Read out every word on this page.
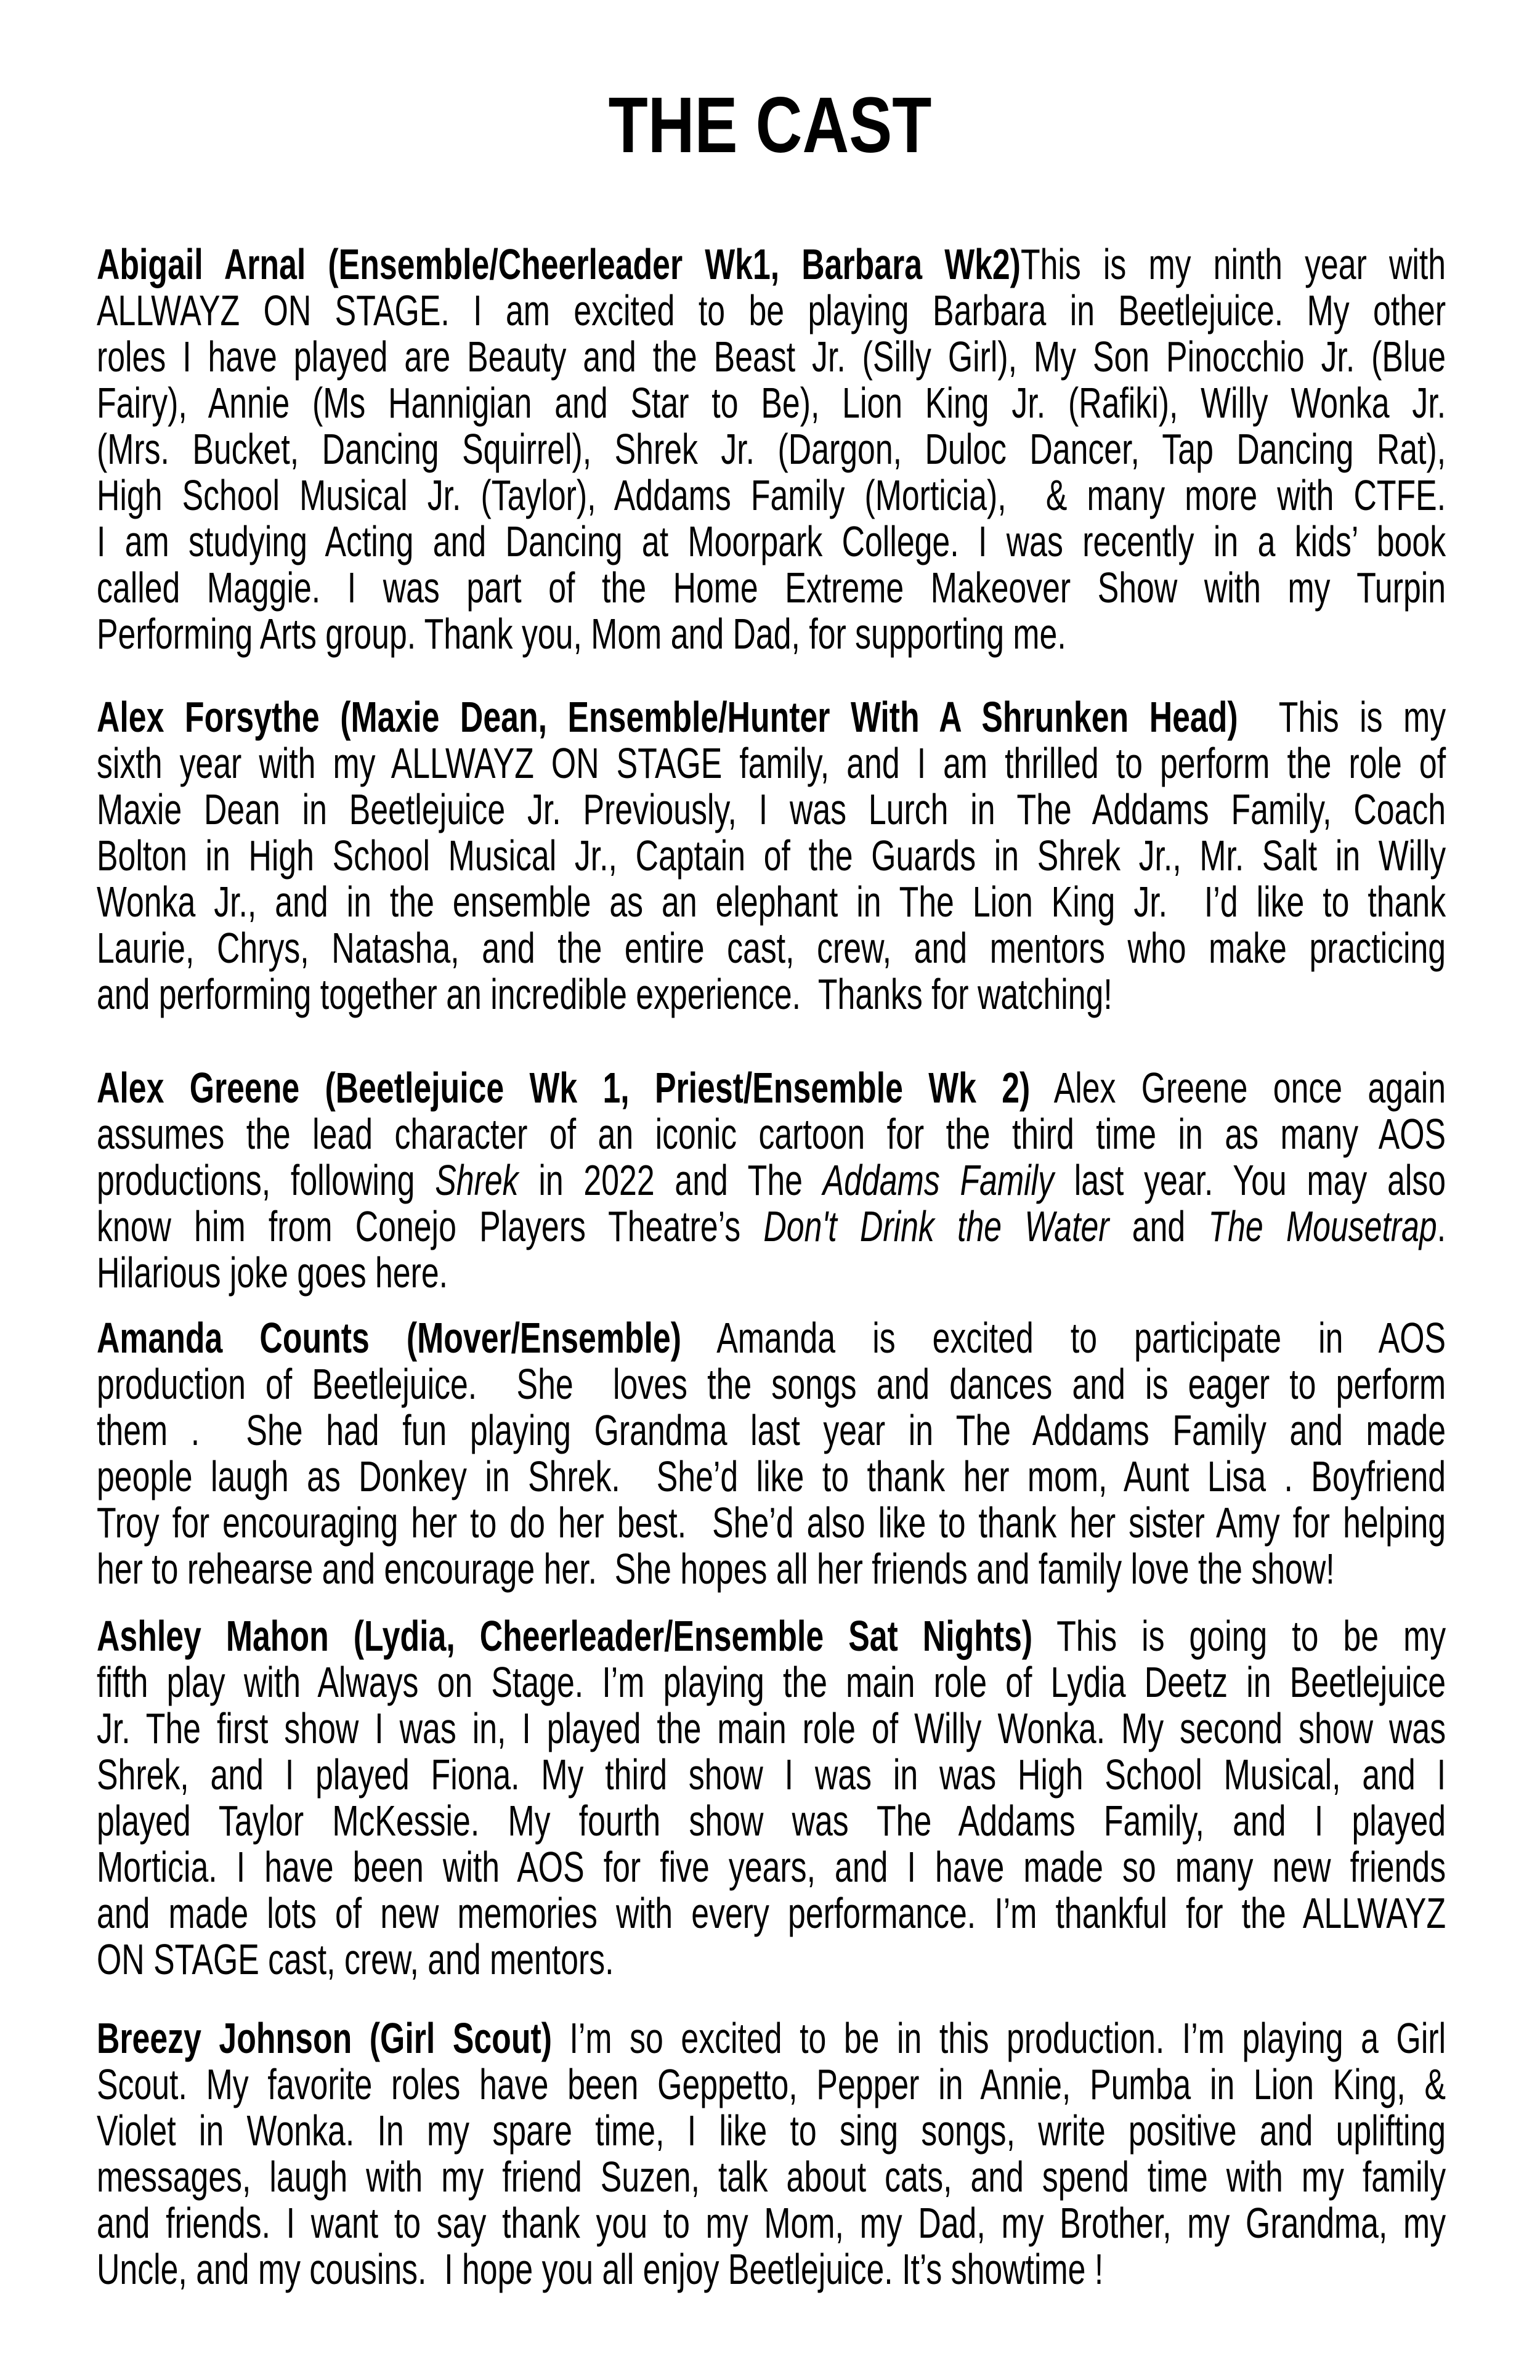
THE CAST
Abigail Arnal (Ensemble/Cheerleader Wk1, Barbara Wk2)This is my ninth year with
ALLWAYZ ON STAGE. I am excited to be playing Barbara in Beetlejuice. My other
roles I have played are Beauty and the Beast Jr. (Silly Girl), My Son Pinocchio Jr. (Blue
Fairy), Annie (Ms Hannigian and Star to Be), Lion King Jr. (Rafiki), Willy Wonka Jr.
(Mrs. Bucket, Dancing Squirrel), Shrek Jr. (Dargon, Duloc Dancer, Tap Dancing Rat),
High School Musical Jr. (Taylor), Addams Family (Morticia),  & many more with CTFE.
I am studying Acting and Dancing at Moorpark College. I was recently in a kids’ book
called Maggie. I was part of the Home Extreme Makeover Show with my Turpin
Performing Arts group. Thank you, Mom and Dad, for supporting me.
Alex Forsythe (Maxie Dean, Ensemble/Hunter With A Shrunken Head)  This is my
sixth year with my ALLWAYZ ON STAGE family, and I am thrilled to perform the role of
Maxie Dean in Beetlejuice Jr. Previously, I was Lurch in The Addams Family, Coach
Bolton in High School Musical Jr., Captain of the Guards in Shrek Jr., Mr. Salt in Willy
Wonka Jr., and in the ensemble as an elephant in The Lion King Jr.  I’d like to thank
Laurie, Chrys, Natasha, and the entire cast, crew, and mentors who make practicing
and performing together an incredible experience.  Thanks for watching!
Alex Greene (Beetlejuice Wk 1, Priest/Ensemble Wk 2) Alex Greene once again
assumes the lead character of an iconic cartoon for the third time in as many AOS
productions, following Shrek in 2022 and The Addams Family last year. You may also
know him from Conejo Players Theatre’s Don't Drink the Water and The Mousetrap.
Hilarious joke goes here.
Amanda Counts (Mover/Ensemble) Amanda is excited to participate in AOS
production of Beetlejuice.  She  loves the songs and dances and is eager to perform
them .  She had fun playing Grandma last year in The Addams Family and made
people laugh as Donkey in Shrek.  She’d like to thank her mom, Aunt Lisa . Boyfriend
Troy for encouraging her to do her best.  She’d also like to thank her sister Amy for helping
her to rehearse and encourage her.  She hopes all her friends and family love the show!
Ashley Mahon (Lydia, Cheerleader/Ensemble Sat Nights) This is going to be my
fifth play with Always on Stage. I’m playing the main role of Lydia Deetz in Beetlejuice
Jr. The first show I was in, I played the main role of Willy Wonka. My second show was
Shrek, and I played Fiona. My third show I was in was High School Musical, and I
played Taylor McKessie. My fourth show was The Addams Family, and I played
Morticia. I have been with AOS for five years, and I have made so many new friends
and made lots of new memories with every performance. I’m thankful for the ALLWAYZ
ON STAGE cast, crew, and mentors.
Breezy Johnson (Girl Scout) I’m so excited to be in this production. I’m playing a Girl
Scout. My favorite roles have been Geppetto, Pepper in Annie, Pumba in Lion King, &
Violet in Wonka. In my spare time, I like to sing songs, write positive and uplifting
messages, laugh with my friend Suzen, talk about cats, and spend time with my family
and friends. I want to say thank you to my Mom, my Dad, my Brother, my Grandma, my
Uncle, and my cousins.  I hope you all enjoy Beetlejuice. It’s showtime !
